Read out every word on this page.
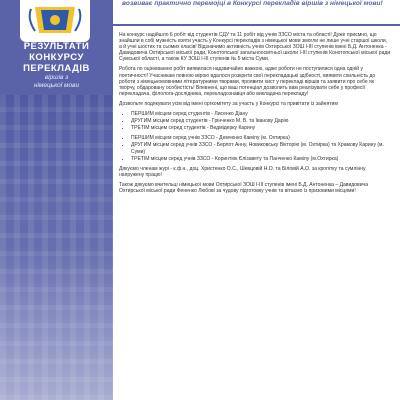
РЕЗУЛЬТАТИ
КОНКУРСУ
ПЕРЕКЛАДІВ
віршів з
німецької мови
возвиває практично перемоjці в Конкурсі перекладів віршів з німецької мови!

На конкурс надійшло 6 робіт від студентів СДУ та 11 робіт від учнів ЗЗСО міста та області! Дуже приємно, що знайшли в собі мужність взяти участь у Конкурсі перекладів з німецької мови змогли не лише учні старшої школи, а й учні шостих та сьомих класів! Відзначимо активність учнів Охтирської ЗОШ І-ІІІ ступенів імені Б.Д. Антоненка - Давидовича Охтирської міської ради, Конотопської загальноосвітньої школи І-ІІІ ступенів Конотопської міської ради Сумської області, а також КУ ЗОШ І-ІІІ ступенів № 5 міста Суми.

Робота по оцінюванню робіт виявилася надзвичайно важкою, адже роботи не поступилися одна одній у поетичності! Учасникам повною мірою вдалося розкрити свої перекладацькі здібності, виявити схильність до роботи з німецькомовними літературними творами, проявити хист у перекладі віршів та заявити про себе як творчу, обдаровану особистість! Впевнені, що ваш потенціал дозволить вам реалізувати себе у професії перекладача, філолога-дослідника, перекладознавця або викладача перекладу!

Дозвольте подякувати усім від імені оргкомітету за участь у Конкурсі та привітати із зайнятим

• ПЕРШИМ місцем серед студентів - Лисенко Діану
• ДРУГИМ місцем серед студентів - Грінченко М. В. та Іванову Дарію
• ТРЕТІМ місцем серед студентів - Ведмідерку Карину
• ПЕРШИМ місцем серед учнів ЗЗСО - Демченко Камілу (м. Охтирка)
• ДРУГИМ місцем серед учнів ЗЗСО - Берлот Анну, Новиковську Вікторію (м. Охтирка) та Храмову Карину (м. Суми)
• ТРЕТІМ місцем серед учнів ЗЗСО - Коринтюк Єлізавету та Панченко Камілу (м.Охтирка)

Дякуємо членам журі - к.ф.н., доц. Христенко О.С., Шевцовій Н.О. та Біловій А.О. за кропітку та сумлінну напружену працю!

Також дякуємо вчительці німецької мови Охтирської ЗОШ І-ІІІ ступенів імені Б.Д. Антоненка – Давидовича Охтирської міської ради Фененко Любові за чудову підготовку учнів та вітаємо із призовими місцями!
